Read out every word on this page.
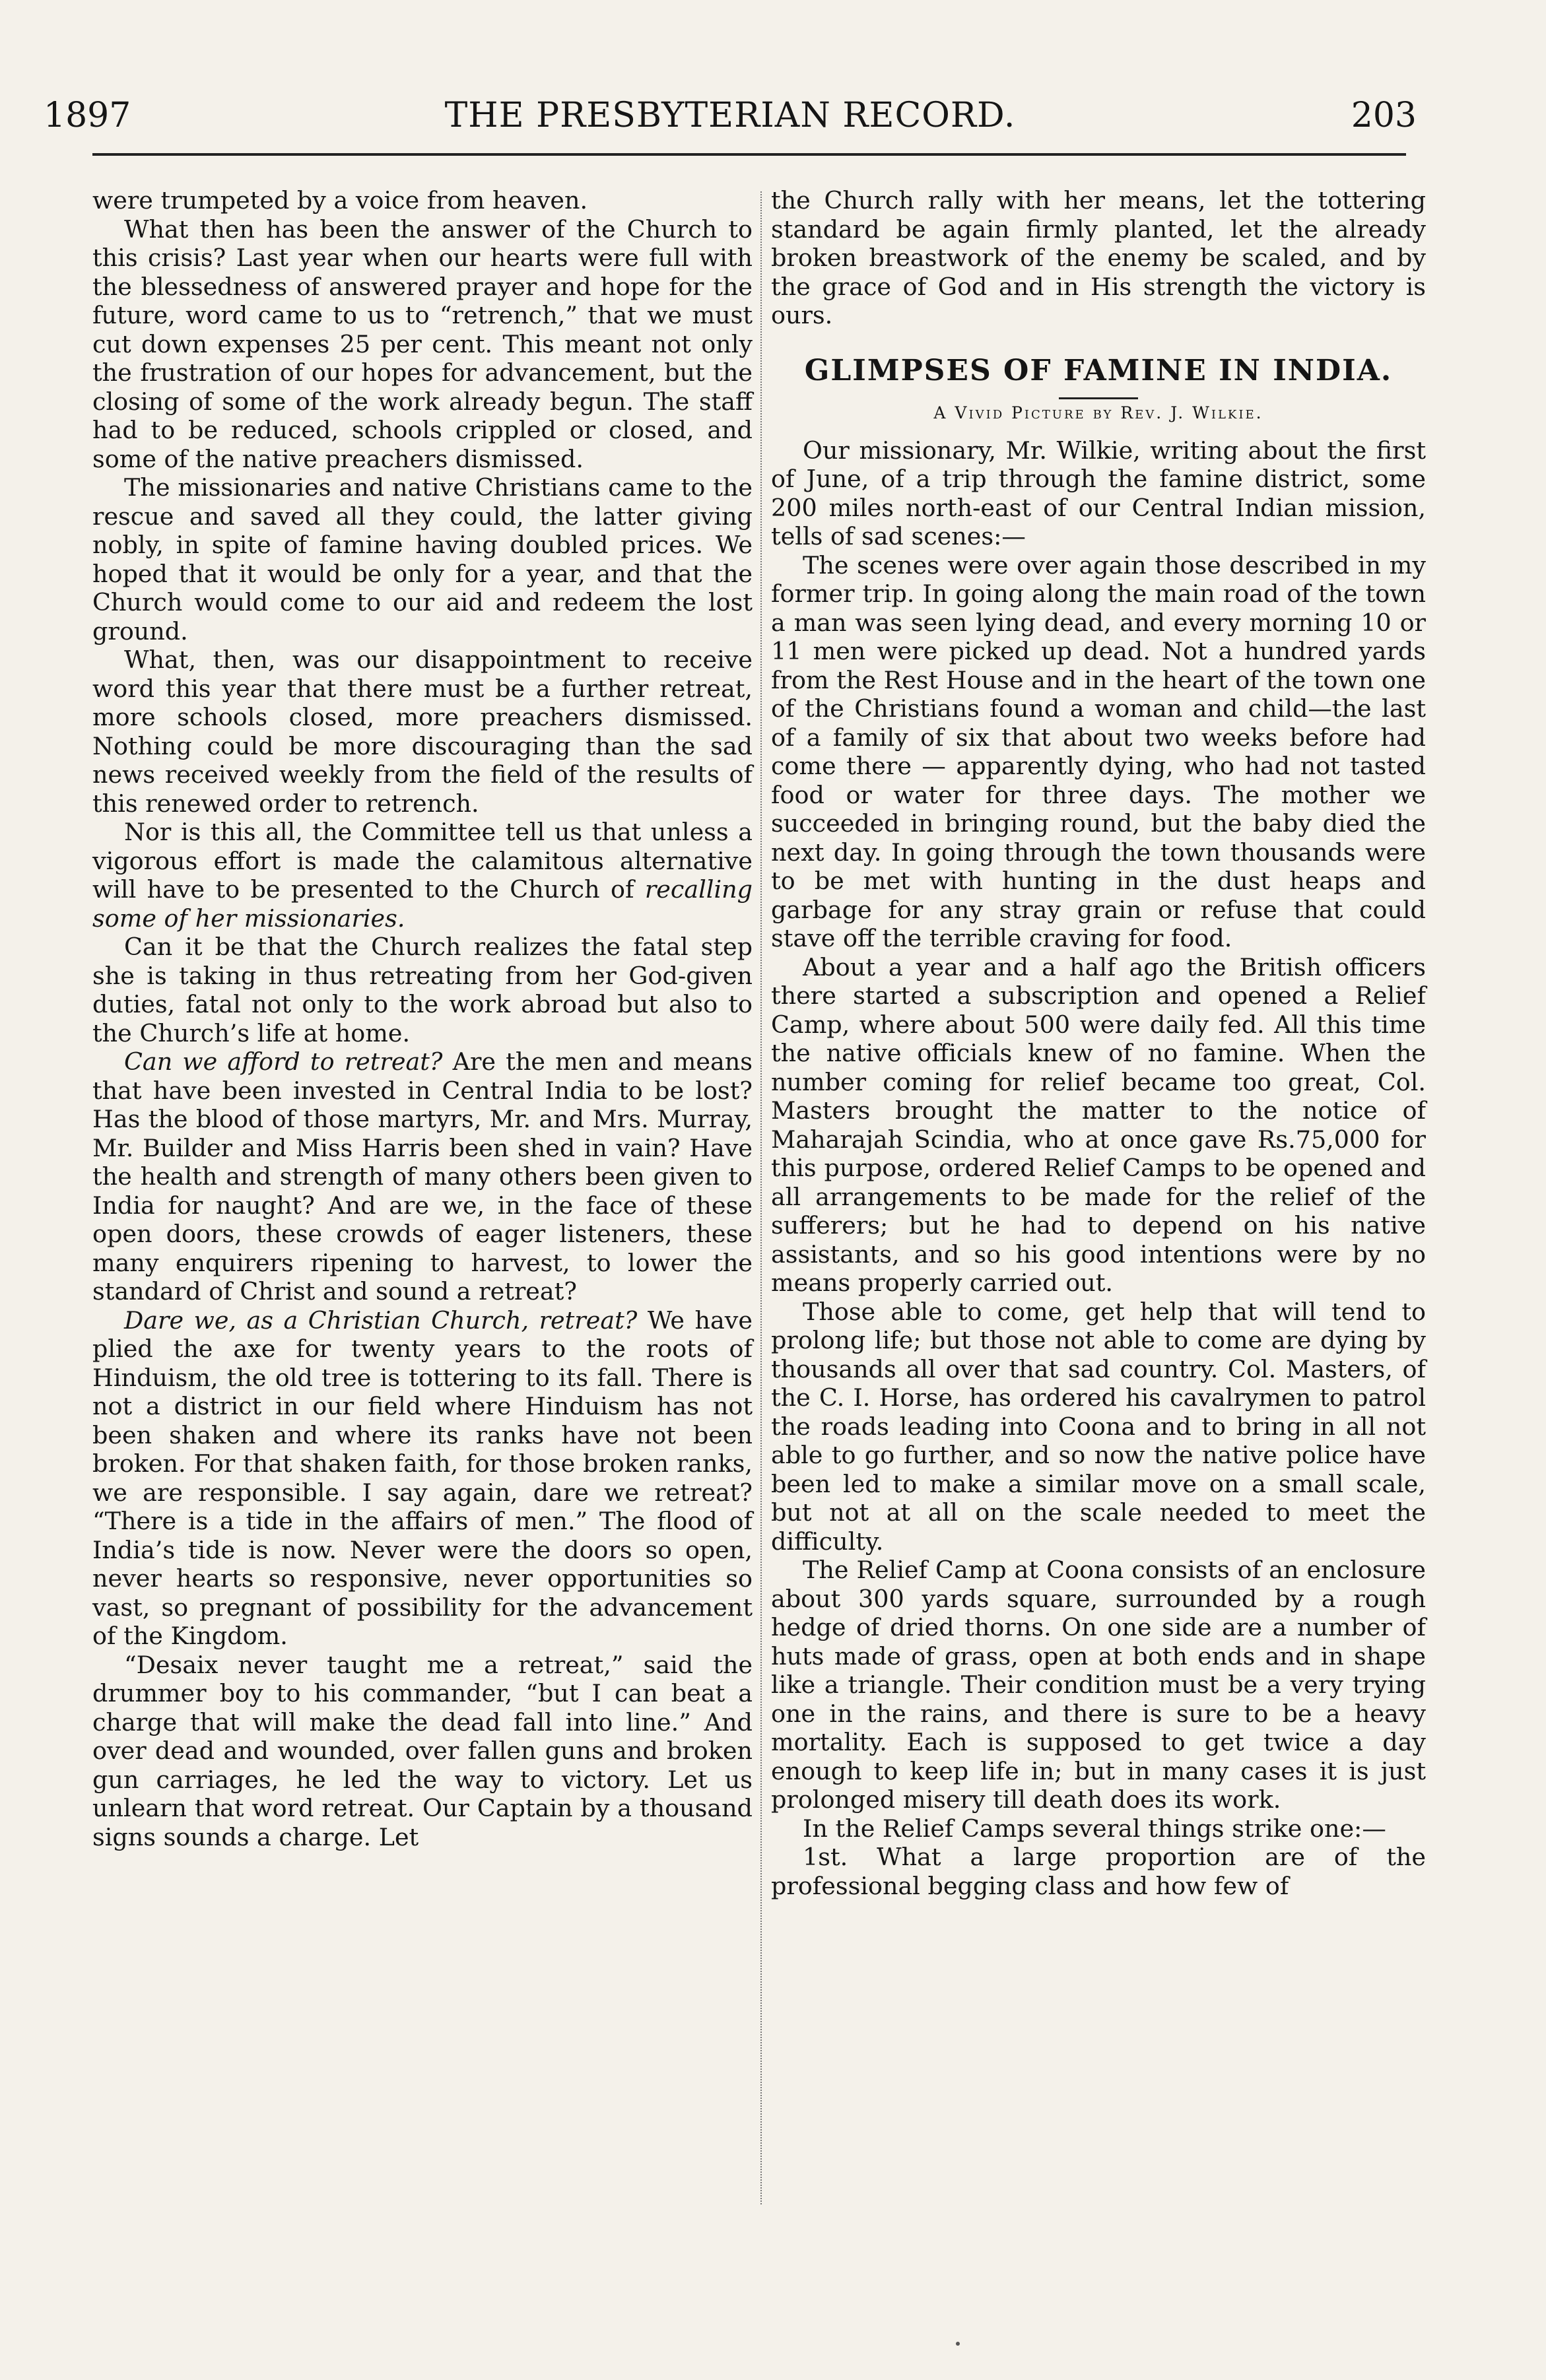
1897	THE PRESBYTERIAN RECORD.	203

were trumpeted by a voice from heaven.

What then has been the answer of the Church to this crisis? Last year when our hearts were full with the blessedness of answered prayer and hope for the future, word came to us to “retrench,” that we must cut down expenses 25 per cent. This meant not only the frustration of our hopes for advancement, but the closing of some of the work already begun. The staff had to be reduced, schools crippled or closed, and some of the native preachers dismissed.

The missionaries and native Christians came to the rescue and saved all they could, the latter giving nobly, in spite of famine having doubled prices. We hoped that it would be only for a year, and that the Church would come to our aid and redeem the lost ground.

What, then, was our disappointment to receive word this year that there must be a further retreat, more schools closed, more preachers dismissed. Nothing could be more discouraging than the sad news received weekly from the field of the results of this renewed order to retrench.

Nor is this all, the Committee tell us that unless a vigorous effort is made the calamitous alternative will have to be presented to the Church of recalling some of her missionaries.

Can it be that the Church realizes the fatal step she is taking in thus retreating from her God-given duties, fatal not only to the work abroad but also to the Church’s life at home.

Can we afford to retreat? Are the men and means that have been invested in Central India to be lost? Has the blood of those martyrs, Mr. and Mrs. Murray, Mr. Builder and Miss Harris been shed in vain? Have the health and strength of many others been given to India for naught? And are we, in the face of these open doors, these crowds of eager listeners, these many enquirers ripening to harvest, to lower the standard of Christ and sound a retreat?

Dare we, as a Christian Church, retreat? We have plied the axe for twenty years to the roots of Hinduism, the old tree is tottering to its fall. There is not a district in our field where Hinduism has not been shaken and where its ranks have not been broken. For that shaken faith, for those broken ranks, we are responsible. I say again, dare we retreat? “There is a tide in the affairs of men.” The flood of India’s tide is now. Never were the doors so open, never hearts so responsive, never opportunities so vast, so pregnant of possibility for the advancement of the Kingdom.

“Desaix never taught me a retreat,” said the drummer boy to his commander, “but I can beat a charge that will make the dead fall into line.” And over dead and wounded, over fallen guns and broken gun carriages, he led the way to victory. Let us unlearn that word retreat. Our Captain by a thousand signs sounds a charge. Let

the Church rally with her means, let the tottering standard be again firmly planted, let the already broken breastwork of the enemy be scaled, and by the grace of God and in His strength the victory is ours.

GLIMPSES OF FAMINE IN INDIA.

A Vivid Picture by Rev. J. Wilkie.

Our missionary, Mr. Wilkie, writing about the first of June, of a trip through the famine district, some 200 miles north-east of our Central Indian mission, tells of sad scenes:—

The scenes were over again those described in my former trip. In going along the main road of the town a man was seen lying dead, and every morning 10 or 11 men were picked up dead. Not a hundred yards from the Rest House and in the heart of the town one of the Christians found a woman and child—the last of a family of six that about two weeks before had come there — apparently dying, who had not tasted food or water for three days. The mother we succeeded in bringing round, but the baby died the next day. In going through the town thousands were to be met with hunting in the dust heaps and garbage for any stray grain or refuse that could stave off the terrible craving for food.

About a year and a half ago the British officers there started a subscription and opened a Relief Camp, where about 500 were daily fed. All this time the native officials knew of no famine. When the number coming for relief became too great, Col. Masters brought the matter to the notice of Maharajah Scindia, who at once gave Rs.75,000 for this purpose, ordered Relief Camps to be opened and all arrangements to be made for the relief of the sufferers; but he had to depend on his native assistants, and so his good intentions were by no means properly carried out.

Those able to come, get help that will tend to prolong life; but those not able to come are dying by thousands all over that sad country. Col. Masters, of the C. I. Horse, has ordered his cavalrymen to patrol the roads leading into Coona and to bring in all not able to go further, and so now the native police have been led to make a similar move on a small scale, but not at all on the scale needed to meet the difficulty.

The Relief Camp at Coona consists of an enclosure about 300 yards square, surrounded by a rough hedge of dried thorns. On one side are a number of huts made of grass, open at both ends and in shape like a triangle. Their condition must be a very trying one in the rains, and there is sure to be a heavy mortality. Each is supposed to get twice a day enough to keep life in; but in many cases it is just prolonged misery till death does its work.

In the Relief Camps several things strike one:—

1st. What a large proportion are of the professional begging class and how few of
